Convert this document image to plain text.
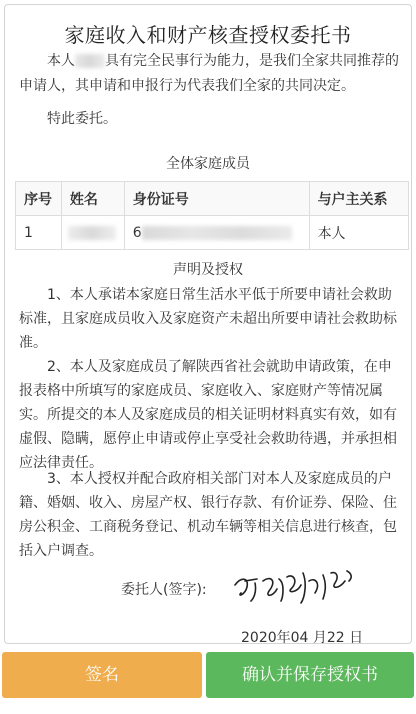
家庭收入和财产核查授权委托书
本人 具有完全民事行为能力，是我们全家共同推荐的申请人，其申请和申报行为代表我们全家的共同决定。
特此委托。
全体家庭成员
序号	姓名	身份证号	与户主关系
1		6	本人
声明及授权
1、本人承诺本家庭日常生活水平低于所要申请社会救助标准，且家庭成员收入及家庭资产未超出所要申请社会救助标准。
2、本人及家庭成员了解陕西省社会就助申请政策，在申报表格中所填写的家庭成员、家庭收入、家庭财产等情况属实。所提交的本人及家庭成员的相关证明材料真实有效，如有虚假、隐瞒，愿停止申请或停止享受社会救助待遇，并承担相应法律责任。
3、本人授权并配合政府相关部门对本人及家庭成员的户籍、婚姻、收入、房屋产权、银行存款、有价证券、保险、住房公积金、工商税务登记、机动车辆等相关信息进行核查，包括入户调查。
委托人(签字):
2020年04 月22 日
签名	确认并保存授权书
